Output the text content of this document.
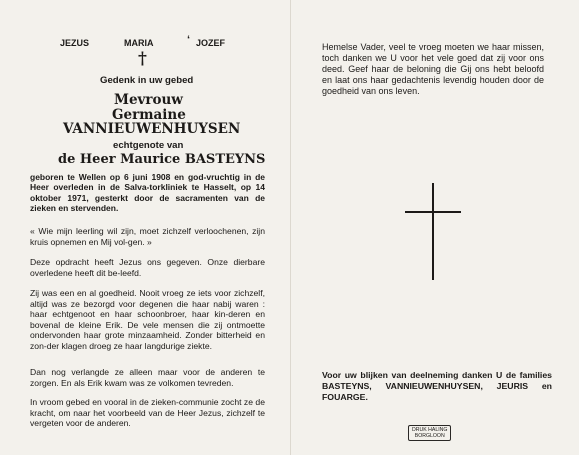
JEZUS	MARIA	‘ JOZEF
†
Gedenk in uw gebed
Mevrouw
Germaine
VANNIEUWENHUYSEN
echtgenote van
de Heer Maurice BASTEYNS
geboren te Wellen op 6 juni 1908 en god-vruchtig in de Heer overleden in de Salva-torkliniek te Hasselt, op 14 oktober 1971, gesterkt door de sacramenten van de zieken en stervenden.
« Wie mijn leerling wil zijn, moet zichzelf verloochenen, zijn kruis opnemen en Mij vol-gen. »
Deze opdracht heeft Jezus ons gegeven. Onze dierbare overledene heeft dit be-leefd.
Zij was een en al goedheid. Nooit vroeg ze iets voor zichzelf, altijd was ze bezorgd voor degenen die haar nabij waren : haar echtgenoot en haar schoonbroer, haar kin-deren en bovenal de kleine Erik. De vele mensen die zij ontmoette ondervonden haar grote minzaamheid. Zonder bitterheid en zon-der klagen droeg ze haar langdurige ziekte.
Dan nog verlangde ze alleen maar voor de anderen te zorgen. En als Erik kwam was ze volkomen tevreden.
In vroom gebed en vooral in de zieken-communie zocht ze de kracht, om naar het voorbeeld van de Heer Jezus, zichzelf te vergeten voor de anderen.
Hemelse Vader, veel te vroeg moeten we haar missen, toch danken we U voor het vele goed dat zij voor ons deed. Geef haar de beloning die Gij ons hebt beloofd en laat ons haar gedachtenis levendig houden door de goedheid van ons leven.
Voor uw blijken van deelneming danken U de families BASTEYNS, VANNIEUWENHUYSEN, JEURIS en FOUARGE.
DRUK HALING
BORGLOON
